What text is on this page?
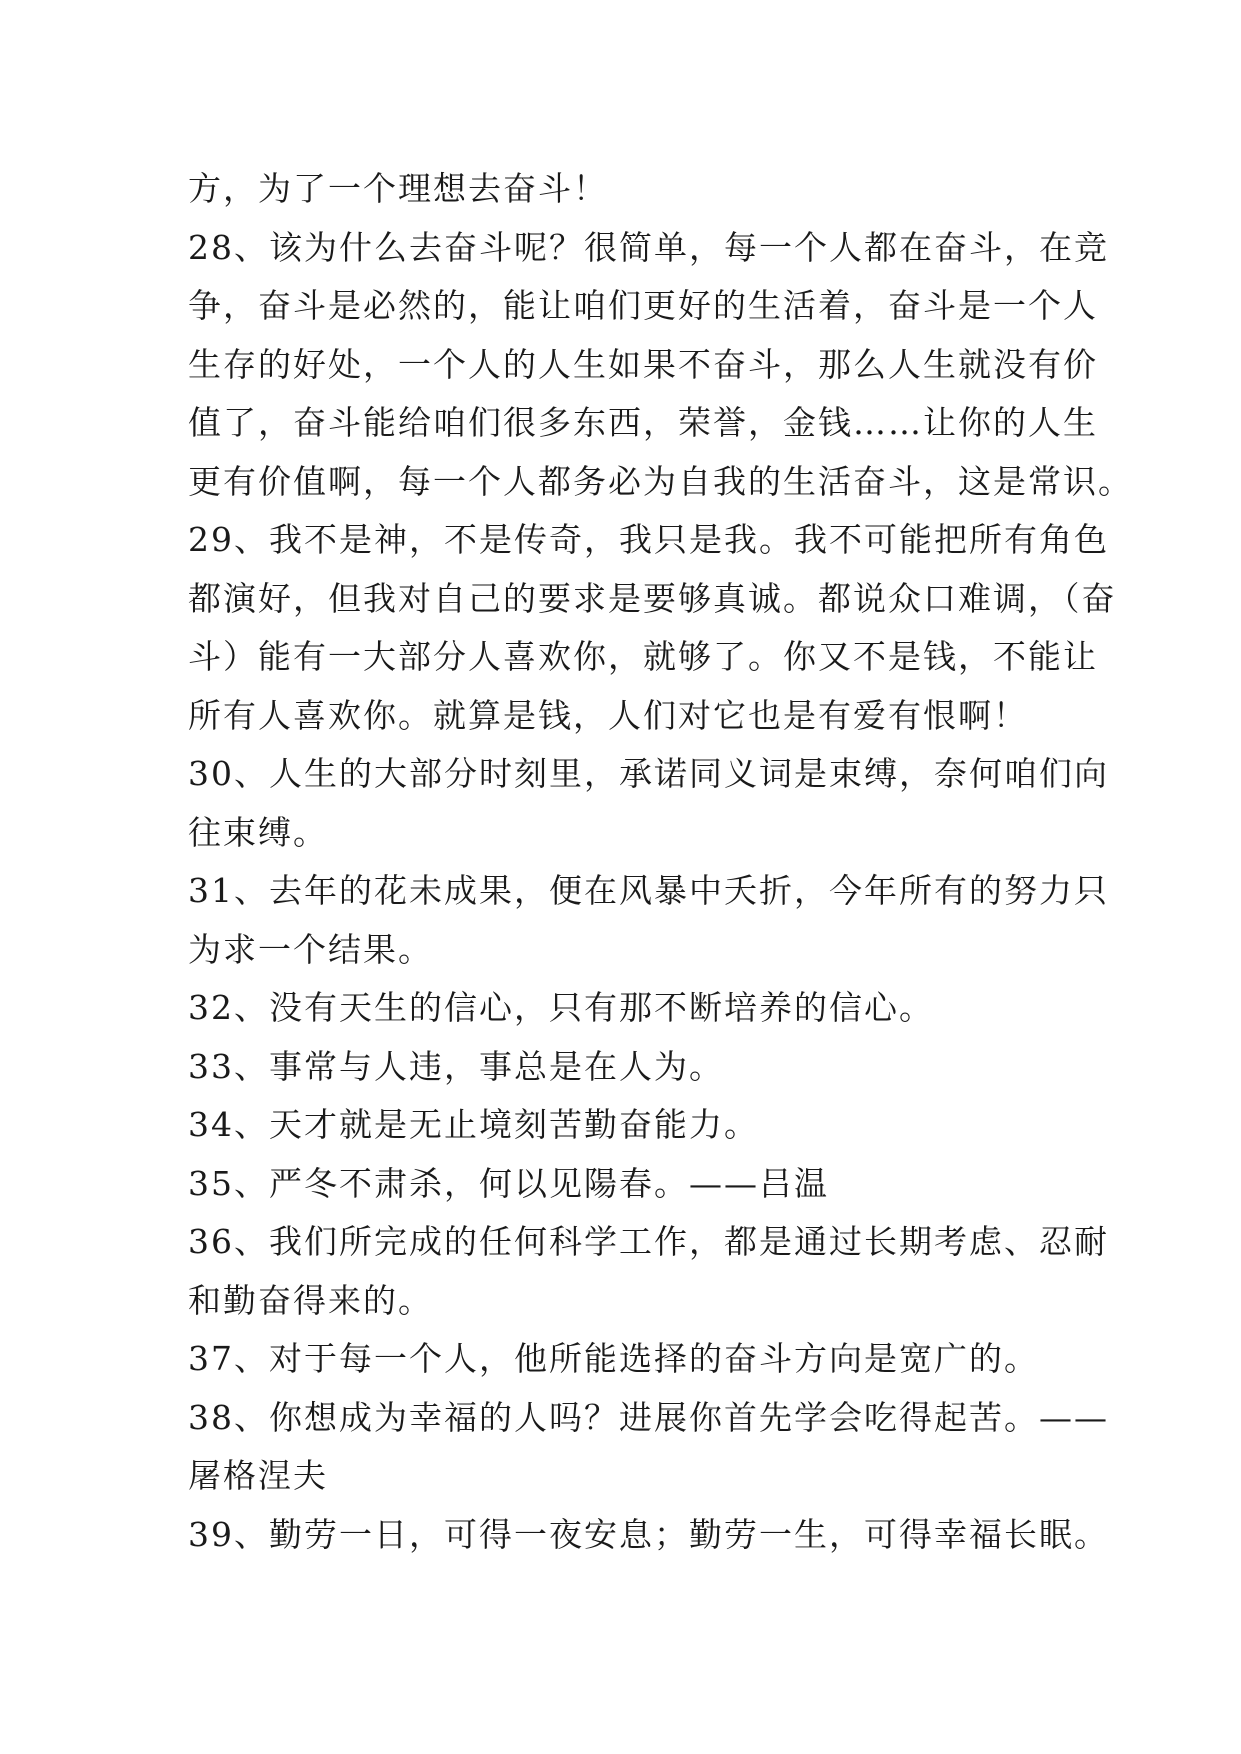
方，为了一个理想去奋斗！
28、该为什么去奋斗呢？很简单，每一个人都在奋斗，在竞
争，奋斗是必然的，能让咱们更好的生活着，奋斗是一个人
生存的好处，一个人的人生如果不奋斗，那么人生就没有价
值了，奋斗能给咱们很多东西，荣誉，金钱……让你的人生
更有价值啊，每一个人都务必为自我的生活奋斗，这是常识。
29、我不是神，不是传奇，我只是我。我不可能把所有角色
都演好，但我对自己的要求是要够真诚。都说众口难调，（奋
斗）能有一大部分人喜欢你，就够了。你又不是钱，不能让
所有人喜欢你。就算是钱，人们对它也是有爱有恨啊！
30、人生的大部分时刻里，承诺同义词是束缚，奈何咱们向
往束缚。
31、去年的花未成果，便在风暴中夭折，今年所有的努力只
为求一个结果。
32、没有天生的信心，只有那不断培养的信心。
33、事常与人违，事总是在人为。
34、天才就是无止境刻苦勤奋能力。
35、严冬不肃杀，何以见陽春。——吕温
36、我们所完成的任何科学工作，都是通过长期考虑、忍耐
和勤奋得来的。
37、对于每一个人，他所能选择的奋斗方向是宽广的。
38、你想成为幸福的人吗？进展你首先学会吃得起苦。——
屠格涅夫
39、勤劳一日，可得一夜安息；勤劳一生，可得幸福长眠。
